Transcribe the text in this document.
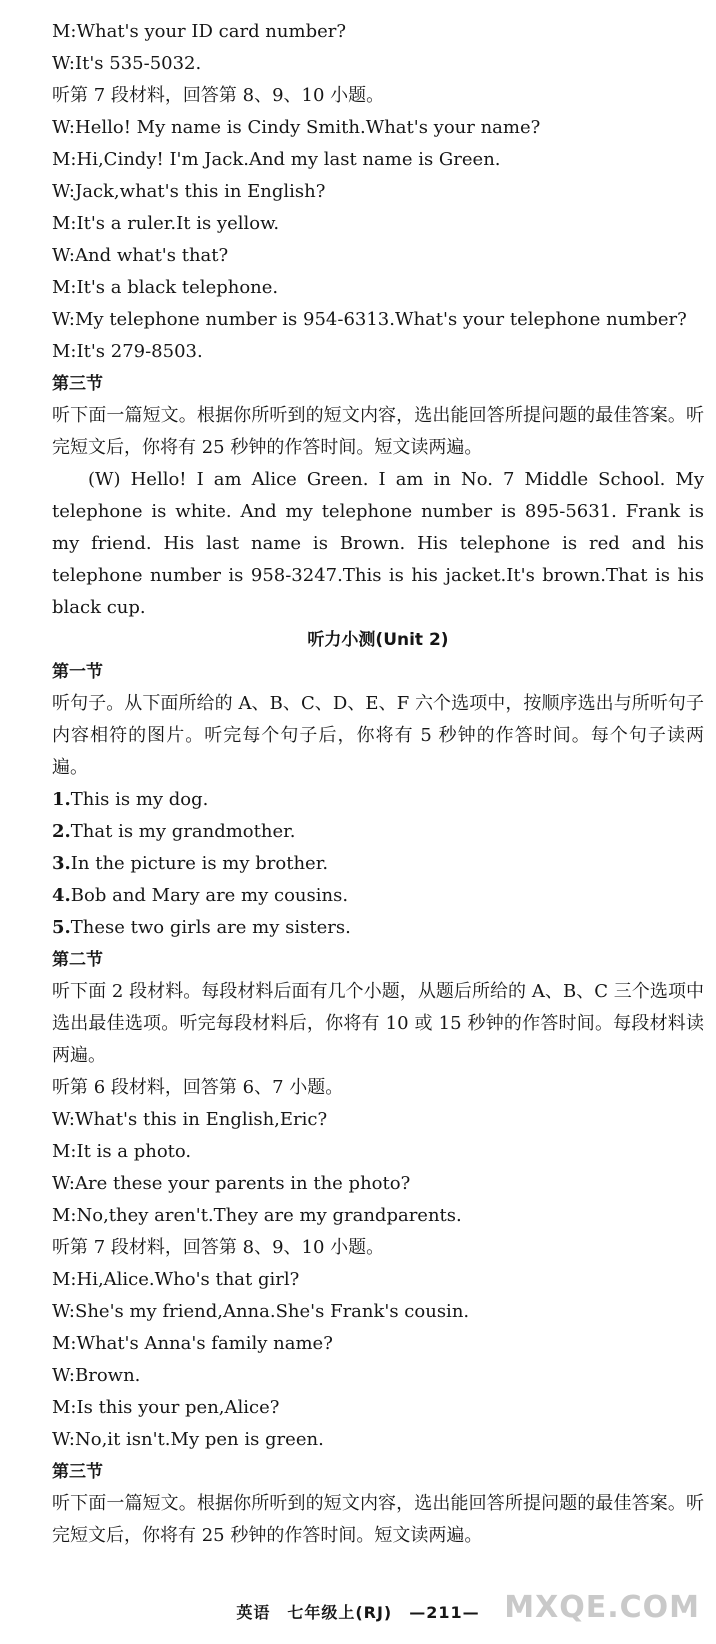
M:What's your ID card number?
W:It's 535-5032.
听第 7 段材料，回答第 8、9、10 小题。
W:Hello! My name is Cindy Smith.What's your name?
M:Hi,Cindy! I'm Jack.And my last name is Green.
W:Jack,what's this in English?
M:It's a ruler.It is yellow.
W:And what's that?
M:It's a black telephone.
W:My telephone number is 954-6313.What's your telephone number?
M:It's 279-8503.
第三节
听下面一篇短文。根据你所听到的短文内容，选出能回答所提问题的最佳答案。听完短文后，你将有 25 秒钟的作答时间。短文读两遍。
(W) Hello! I am Alice Green. I am in No. 7 Middle School. My telephone is white. And my telephone number is 895-5631. Frank is my friend. His last name is Brown. His telephone is red and his telephone number is 958-3247.This is his jacket.It's brown.That is his black cup.
听力小测(Unit 2)
第一节
听句子。从下面所给的 A、B、C、D、E、F 六个选项中，按顺序选出与所听句子内容相符的图片。听完每个句子后，你将有 5 秒钟的作答时间。每个句子读两遍。
1.This is my dog.
2.That is my grandmother.
3.In the picture is my brother.
4.Bob and Mary are my cousins.
5.These two girls are my sisters.
第二节
听下面 2 段材料。每段材料后面有几个小题，从题后所给的 A、B、C 三个选项中选出最佳选项。听完每段材料后，你将有 10 或 15 秒钟的作答时间。每段材料读两遍。
听第 6 段材料，回答第 6、7 小题。
W:What's this in English,Eric?
M:It is a photo.
W:Are these your parents in the photo?
M:No,they aren't.They are my grandparents.
听第 7 段材料，回答第 8、9、10 小题。
M:Hi,Alice.Who's that girl?
W:She's my friend,Anna.She's Frank's cousin.
M:What's Anna's family name?
W:Brown.
M:Is this your pen,Alice?
W:No,it isn't.My pen is green.
第三节
听下面一篇短文。根据你所听到的短文内容，选出能回答所提问题的最佳答案。听完短文后，你将有 25 秒钟的作答时间。短文读两遍。
英语　七年级上(RJ)　—211— MXQE.COM
